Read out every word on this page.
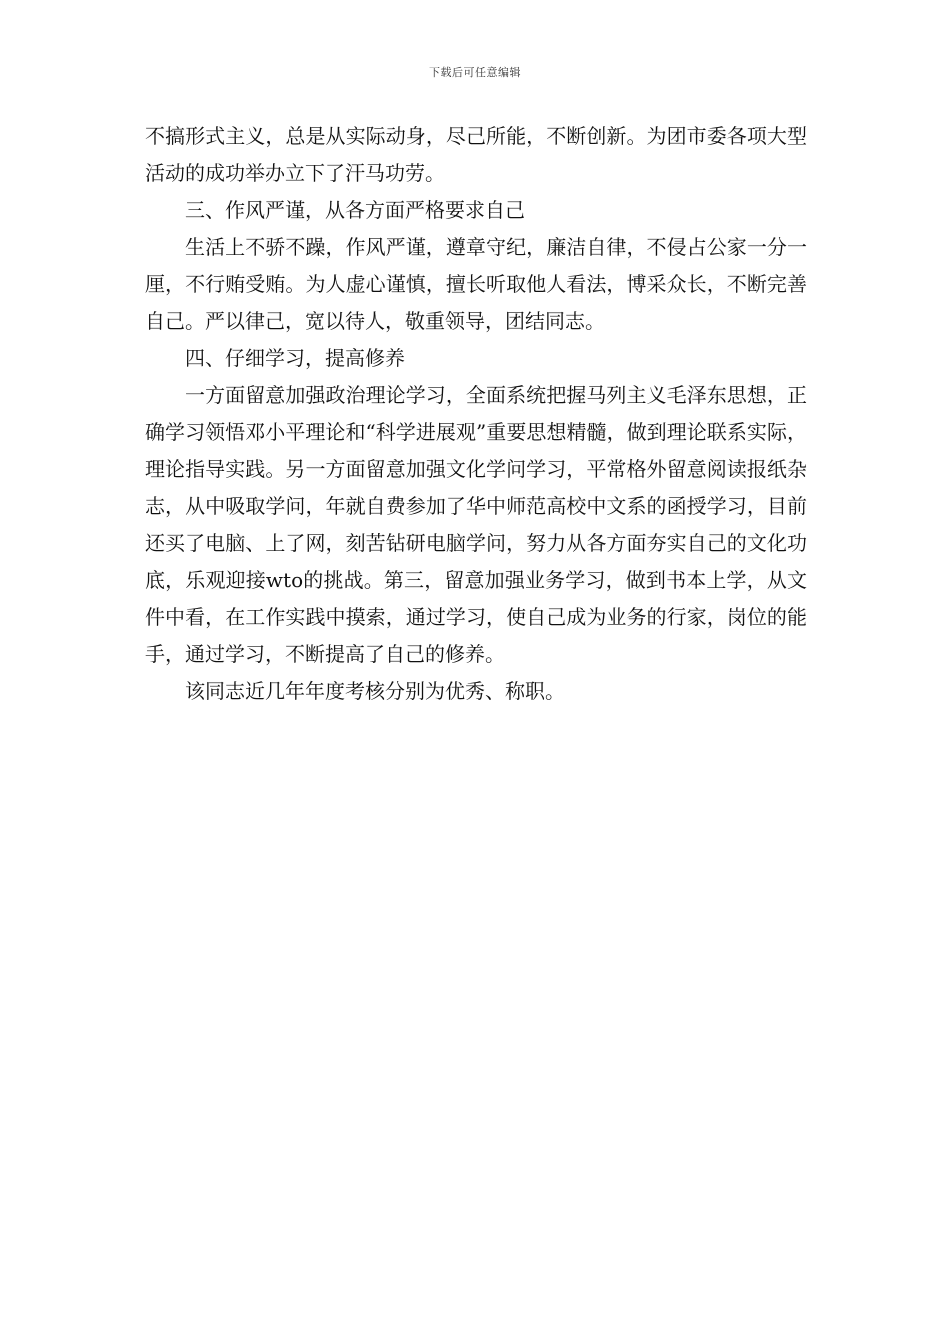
下载后可任意编辑

不搞形式主义，总是从实际动身，尽己所能，不断创新。为团市委各项大型活动的成功举办立下了汗马功劳。

三、作风严谨，从各方面严格要求自己

生活上不骄不躁，作风严谨，遵章守纪，廉洁自律，不侵占公家一分一厘，不行贿受贿。为人虚心谨慎，擅长听取他人看法，博采众长，不断完善自己。严以律己，宽以待人，敬重领导，团结同志。

四、仔细学习，提高修养

一方面留意加强政治理论学习，全面系统把握马列主义毛泽东思想，正确学习领悟邓小平理论和“科学进展观”重要思想精髓，做到理论联系实际，理论指导实践。另一方面留意加强文化学问学习，平常格外留意阅读报纸杂志，从中吸取学问，年就自费参加了华中师范高校中文系的函授学习，目前还买了电脑、上了网，刻苦钻研电脑学问，努力从各方面夯实自己的文化功底，乐观迎接wto的挑战。第三，留意加强业务学习，做到书本上学，从文件中看，在工作实践中摸索，通过学习，使自己成为业务的行家，岗位的能手，通过学习，不断提高了自己的修养。

该同志近几年年度考核分别为优秀、称职。
